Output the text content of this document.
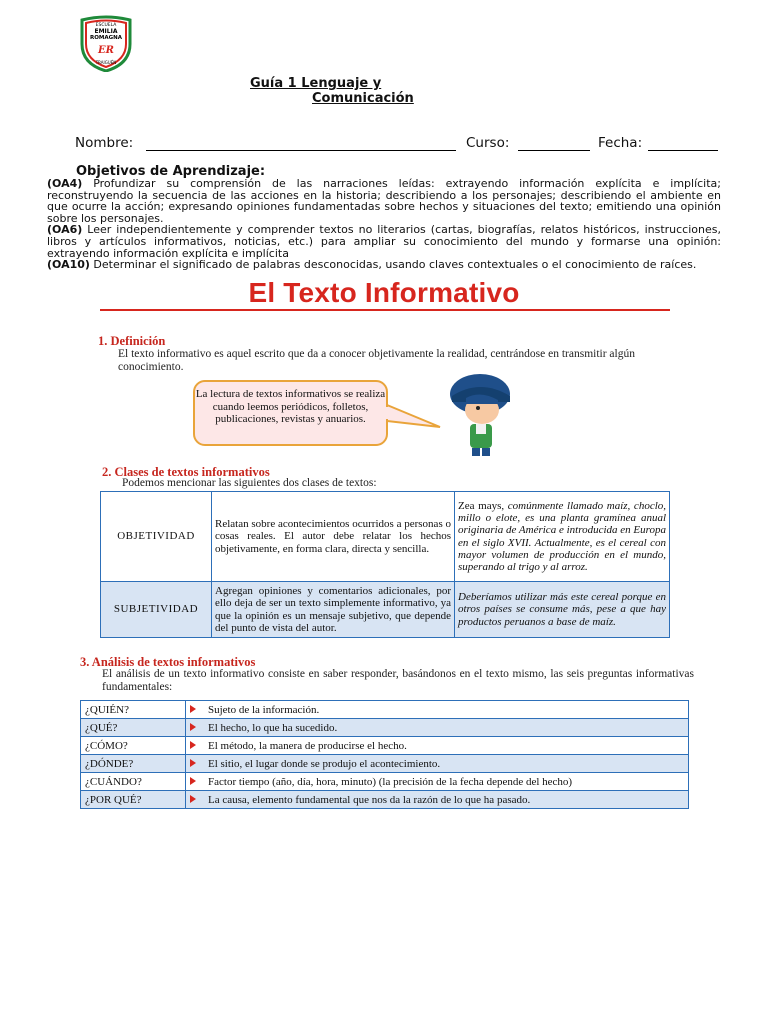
ESCUELA
EMILIA
ROMAGNA
ER
TRAIGUÉN
Guía 1 Lenguaje y
Comunicación
Nombre:	Curso:	Fecha:
Objetivos de Aprendizaje:

(OA4) Profundizar su comprensión de las narraciones leídas: extrayendo información explícita e implícita; reconstruyendo la secuencia de las acciones en la historia; describiendo a los personajes; describiendo el ambiente en que ocurre la acción; expresando opiniones fundamentadas sobre hechos y situaciones del texto; emitiendo una opinión sobre los personajes.

(OA6) Leer independientemente y comprender textos no literarios (cartas, biografías, relatos históricos, instrucciones, libros y artículos informativos, noticias, etc.) para ampliar su conocimiento del mundo y formarse una opinión: extrayendo información explícita e implícita

(OA10) Determinar el significado de palabras desconocidas, usando claves contextuales o el conocimiento de raíces.

El Texto Informativo
1. Definición
El texto informativo es aquel escrito que da a conocer objetivamente la realidad, centrándose en transmitir algún conocimiento.
La lectura de textos informativos se realiza cuando leemos periódicos, folletos, publicaciones, revistas y anuarios.
2. Clases de textos informativos
Podemos mencionar las siguientes dos clases de textos:
OBJETIVIDAD	Relatan sobre acontecimientos ocurridos a personas o cosas reales. El autor debe relatar los hechos objetivamente, en forma clara, directa y sencilla.	Zea mays, comúnmente llamado maíz, choclo, millo o elote, es una planta gramínea anual originaria de América e introducida en Europa en el siglo XVII. Actualmente, es el cereal con mayor volumen de producción en el mundo, superando al trigo y al arroz.
SUBJETIVIDAD	Agregan opiniones y comentarios adicionales, por ello deja de ser un texto simplemente informativo, ya que la opinión es un mensaje subjetivo, que depende del punto de vista del autor.	Deberíamos utilizar más este cereal porque en otros países se consume más, pese a que hay productos peruanos a base de maíz.
3. Análisis de textos informativos
El análisis de un texto informativo consiste en saber responder, basándonos en el texto mismo, las seis preguntas informativas fundamentales:
¿QUIÉN?		Sujeto de la información.
¿QUÉ?		El hecho, lo que ha sucedido.
¿CÓMO?		El método, la manera de producirse el hecho.
¿DÓNDE?		El sitio, el lugar donde se produjo el acontecimiento.
¿CUÁNDO?		Factor tiempo (año, día, hora, minuto) (la precisión de la fecha depende del hecho)
¿POR QUÉ?		La causa, elemento fundamental que nos da la razón de lo que ha pasado.
